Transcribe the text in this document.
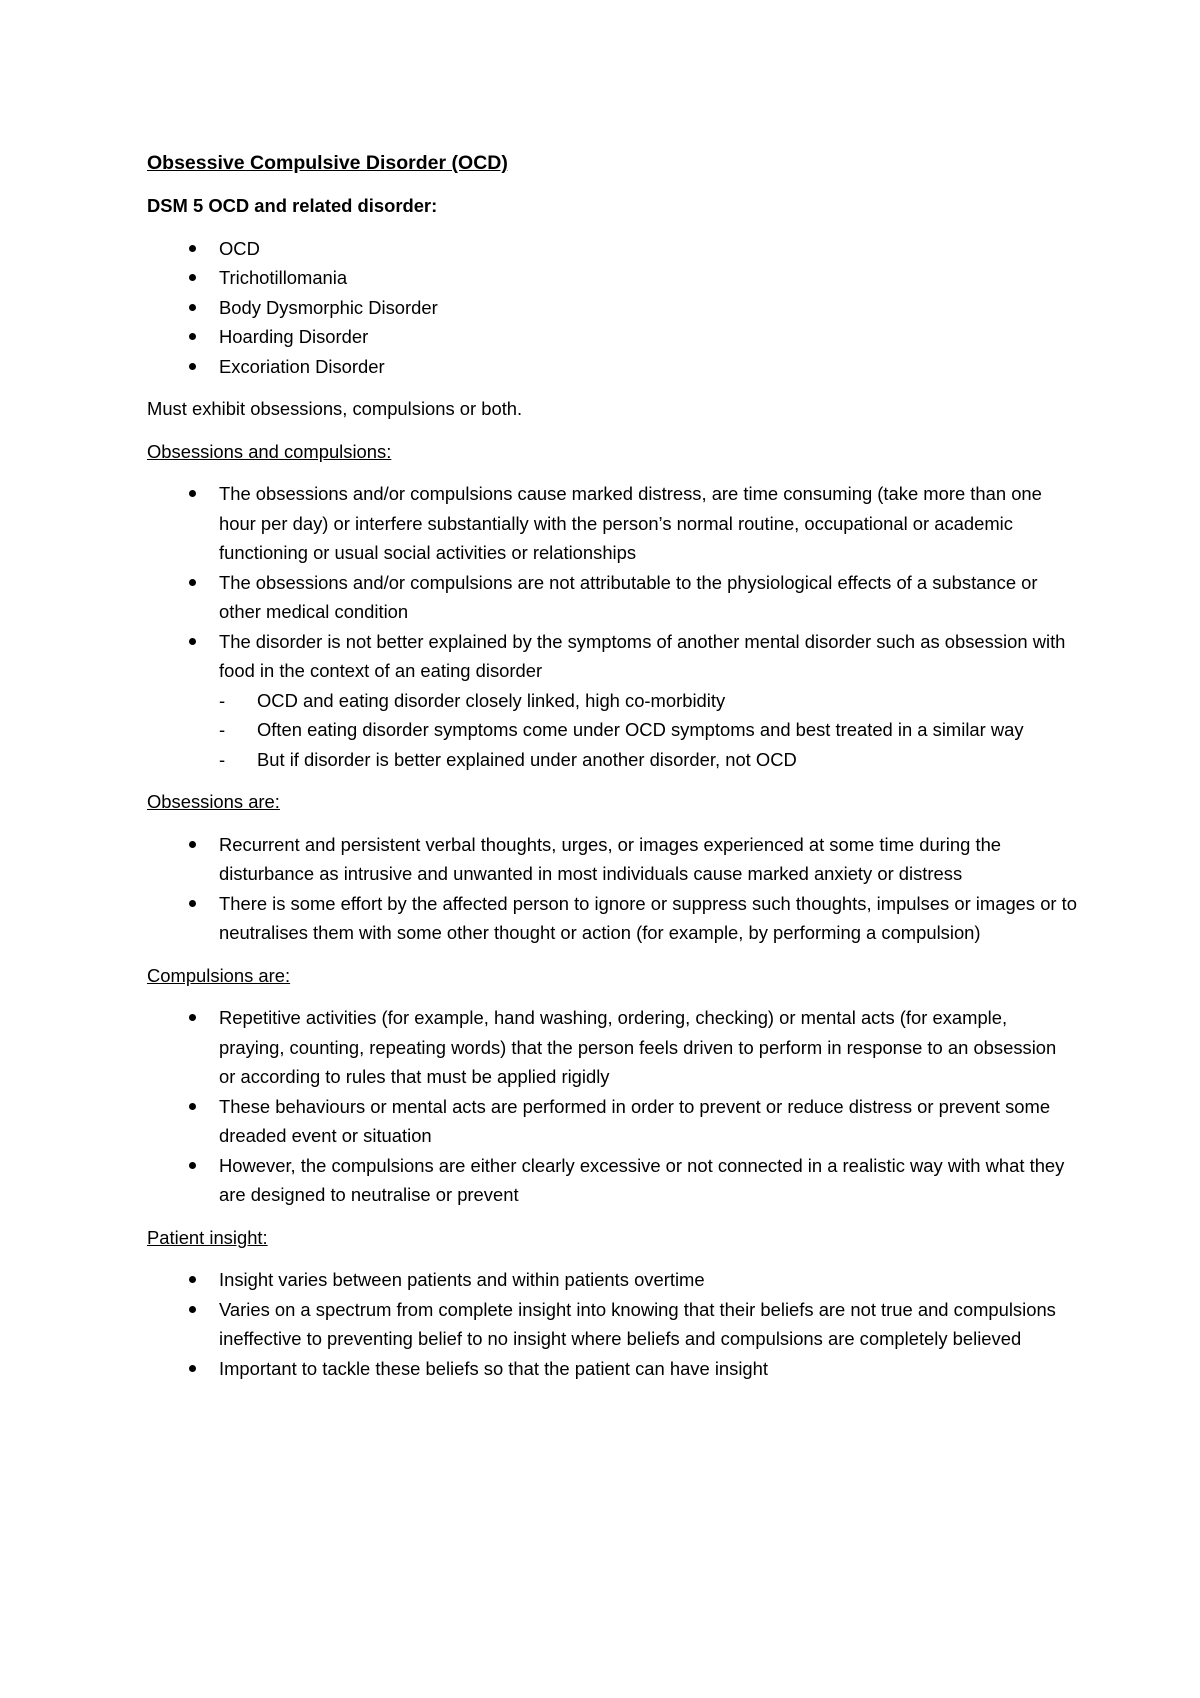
Obsessive Compulsive Disorder (OCD)
DSM 5 OCD and related disorder:
OCD
Trichotillomania
Body Dysmorphic Disorder
Hoarding Disorder
Excoriation Disorder
Must exhibit obsessions, compulsions or both.
Obsessions and compulsions:
The obsessions and/or compulsions cause marked distress, are time consuming (take more than one hour per day) or interfere substantially with the person’s normal routine, occupational or academic functioning or usual social activities or relationships
The obsessions and/or compulsions are not attributable to the physiological effects of a substance or other medical condition
The disorder is not better explained by the symptoms of another mental disorder such as obsession with food in the context of an eating disorder
- OCD and eating disorder closely linked, high co-morbidity
- Often eating disorder symptoms come under OCD symptoms and best treated in a similar way
- But if disorder is better explained under another disorder, not OCD
Obsessions are:
Recurrent and persistent verbal thoughts, urges, or images experienced at some time during the disturbance as intrusive and unwanted in most individuals cause marked anxiety or distress
There is some effort by the affected person to ignore or suppress such thoughts, impulses or images or to neutralises them with some other thought or action (for example, by performing a compulsion)
Compulsions are:
Repetitive activities (for example, hand washing, ordering, checking) or mental acts (for example, praying, counting, repeating words) that the person feels driven to perform in response to an obsession or according to rules that must be applied rigidly
These behaviours or mental acts are performed in order to prevent or reduce distress or prevent some dreaded event or situation
However, the compulsions are either clearly excessive or not connected in a realistic way with what they are designed to neutralise or prevent
Patient insight:
Insight varies between patients and within patients overtime
Varies on a spectrum from complete insight into knowing that their beliefs are not true and compulsions ineffective to preventing belief to no insight where beliefs and compulsions are completely believed
Important to tackle these beliefs so that the patient can have insight
